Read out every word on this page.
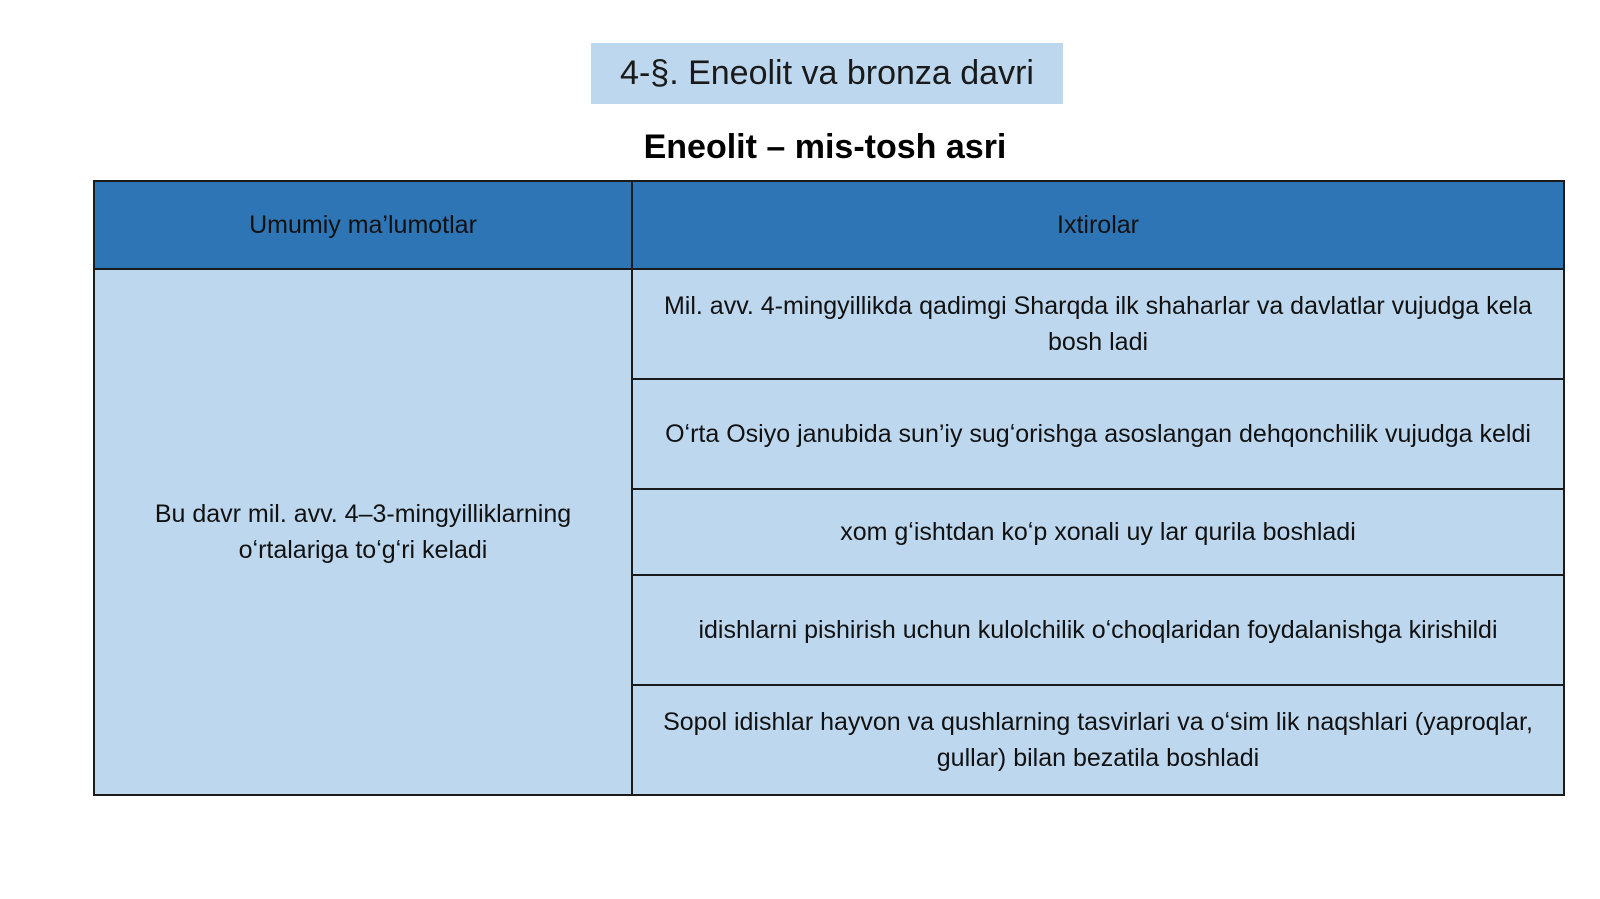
4-§. Eneolit va bronza davri
Eneolit – mis-tosh asri
Umumiy ma’lumotlar	Ixtirolar
Bu davr mil. avv. 4–3-mingyilliklarning oʻrtalariga toʻgʻri keladi	Mil. avv. 4-mingyillikda qadimgi Sharqda ilk shaharlar va davlatlar vujudga kela bosh ladi
	Oʻrta Osiyo janubida sun’iy sugʻorishga asoslangan dehqonchilik vujudga keldi
	xom gʻishtdan koʻp xonali uy lar qurila boshladi
	idishlarni pishirish uchun kulolchilik oʻchoqlaridan foydalanishga kirishildi
	Sopol idishlar hayvon va qushlarning tasvirlari va oʻsim lik naqshlari (yaproqlar, gullar) bilan bezatila boshladi
